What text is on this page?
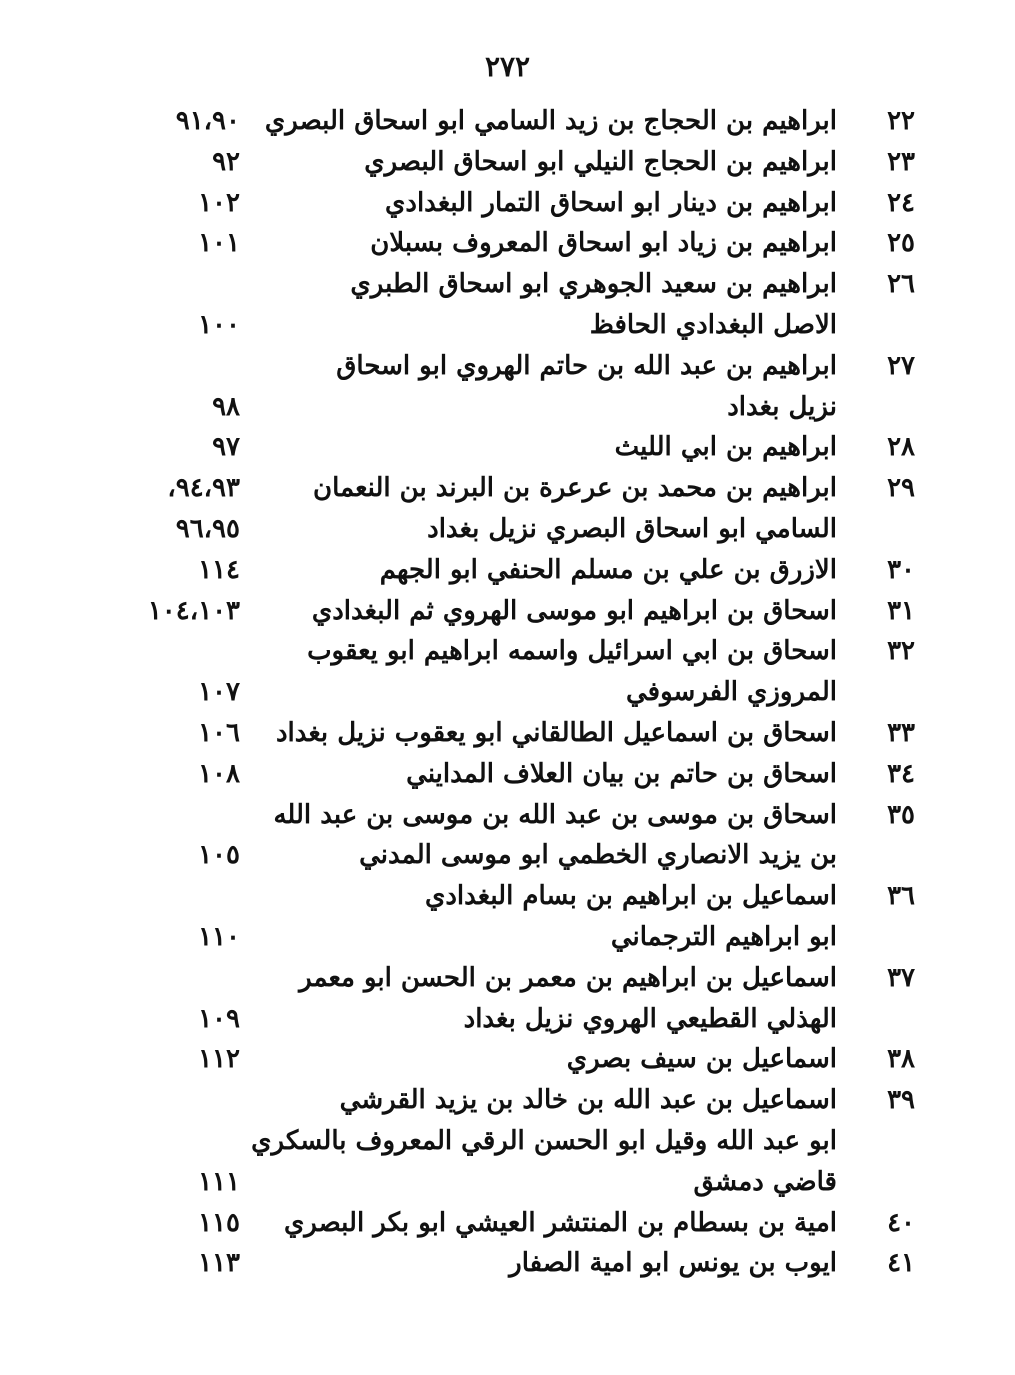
٢٧٢
٢٢
ابراهيم بن الحجاج بن زيد السامي ابو اسحاق البصري
٩١،٩٠
٢٣
ابراهيم بن الحجاج النيلي ابو اسحاق البصري
٩٢
٢٤
ابراهيم بن دينار ابو اسحاق التمار البغدادي
١٠٢
٢٥
ابراهيم بن زياد ابو اسحاق المعروف بسبلان
١٠١
٢٦
ابراهيم بن سعيد الجوهري ابو اسحاق الطبري
الاصل البغدادي الحافظ
١٠٠
٢٧
ابراهيم بن عبد الله بن حاتم الهروي ابو اسحاق
نزيل بغداد
٩٨
٢٨
ابراهيم بن ابي الليث
٩٧
٢٩
ابراهيم بن محمد بن عرعرة بن البرند بن النعمان
٩٤،٩٣،
السامي ابو اسحاق البصري نزيل بغداد
٩٦،٩٥
٣٠
الازرق بن علي بن مسلم الحنفي ابو الجهم
١١٤
٣١
اسحاق بن ابراهيم ابو موسى الهروي ثم البغدادي
١٠٤،١٠٣
٣٢
اسحاق بن ابي اسرائيل واسمه ابراهيم ابو يعقوب
المروزي الفرسوفي
١٠٧
٣٣
اسحاق بن اسماعيل الطالقاني ابو يعقوب نزيل بغداد
١٠٦
٣٤
اسحاق بن حاتم بن بيان العلاف المدايني
١٠٨
٣٥
اسحاق بن موسى بن عبد الله بن موسى بن عبد الله
بن يزيد الانصاري الخطمي ابو موسى المدني
١٠٥
٣٦
اسماعيل بن ابراهيم بن بسام البغدادي
ابو ابراهيم الترجماني
١١٠
٣٧
اسماعيل بن ابراهيم بن معمر بن الحسن ابو معمر
الهذلي القطيعي الهروي نزيل بغداد
١٠٩
٣٨
اسماعيل بن سيف بصري
١١٢
٣٩
اسماعيل بن عبد الله بن خالد بن يزيد القرشي
ابو عبد الله وقيل ابو الحسن الرقي المعروف بالسكري
قاضي دمشق
١١١
٤٠
امية بن بسطام بن المنتشر العيشي ابو بكر البصري
١١٥
٤١
ايوب بن يونس ابو امية الصفار
١١٣
